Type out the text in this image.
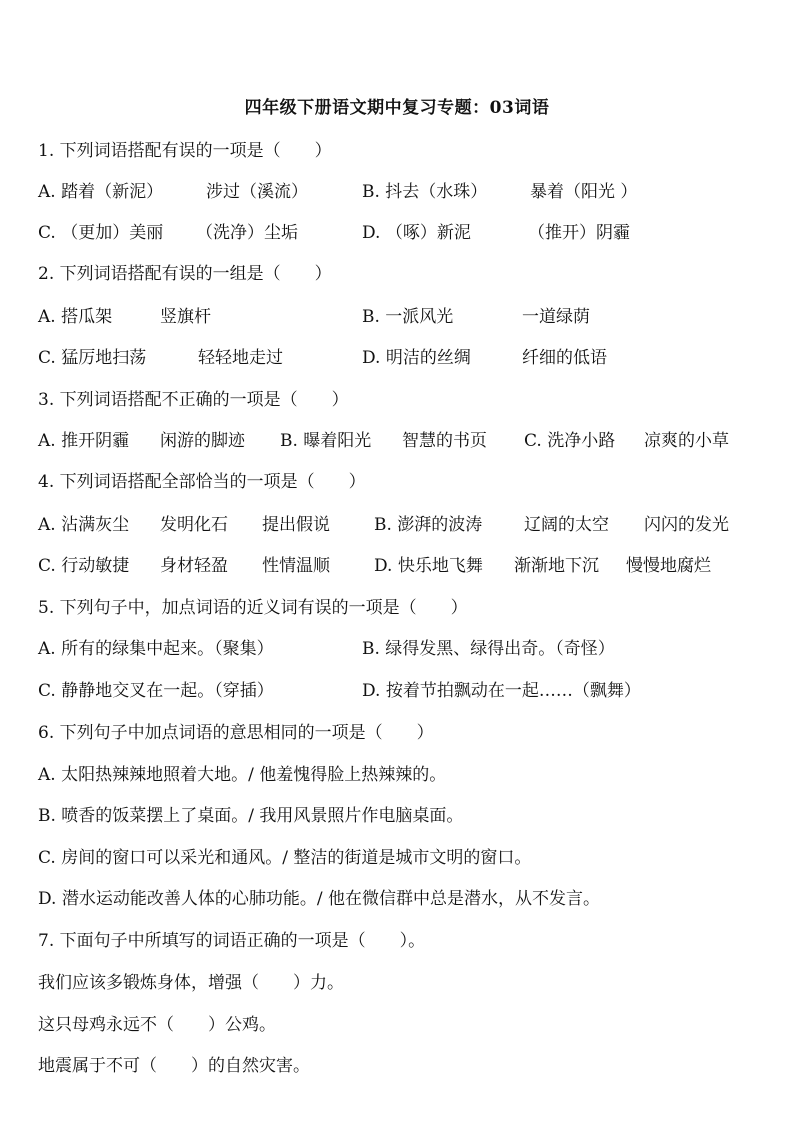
四年级下册语文期中复习专题：03词语
1. 下列词语搭配有误的一项是（　　）
A. 踏着（新泥）	涉过（溪流）	B. 抖去（水珠）	暴着（阳光 ）
C. （更加）美丽 （洗净）尘垢	D. （啄）新泥	（推开）阴霾
2. 下列词语搭配有误的一组是（　　）
A. 搭瓜架	竖旗杆	B. 一派风光	一道绿荫
C. 猛厉地扫荡	轻轻地走过	D. 明洁的丝绸	纤细的低语
3. 下列词语搭配不正确的一项是（　　）
A. 推开阴霾 闲游的脚迹 B. 曝着阳光 智慧的书页 C. 洗净小路 凉爽的小草
4. 下列词语搭配全部恰当的一项是（　　）
A. 沾满灰尘 发明化石 提出假说	B. 澎湃的波涛 辽阔的太空 闪闪的发光
C. 行动敏捷 身材轻盈 性情温顺	D. 快乐地飞舞 渐渐地下沉 慢慢地腐烂
5. 下列句子中，加点词语的近义词有误的一项是（　　）
A. 所有的绿集中起来。（聚集）	B. 绿得发黑、绿得出奇。（奇怪）
C. 静静地交叉在一起。（穿插）	D. 按着节拍飘动在一起……（飘舞）
6. 下列句子中加点词语的意思相同的一项是（　　）
A. 太阳热辣辣地照着大地。/ 他羞愧得脸上热辣辣的。
B. 喷香的饭菜摆上了桌面。/ 我用风景照片作电脑桌面。
C. 房间的窗口可以采光和通风。/ 整洁的街道是城市文明的窗口。
D. 潜水运动能改善人体的心肺功能。/ 他在微信群中总是潜水，从不发言。
7. 下面句子中所填写的词语正确的一项是（　　）。
我们应该多锻炼身体，增强（　　）力。
这只母鸡永远不（　　）公鸡。
地震属于不可（　　）的自然灾害。
